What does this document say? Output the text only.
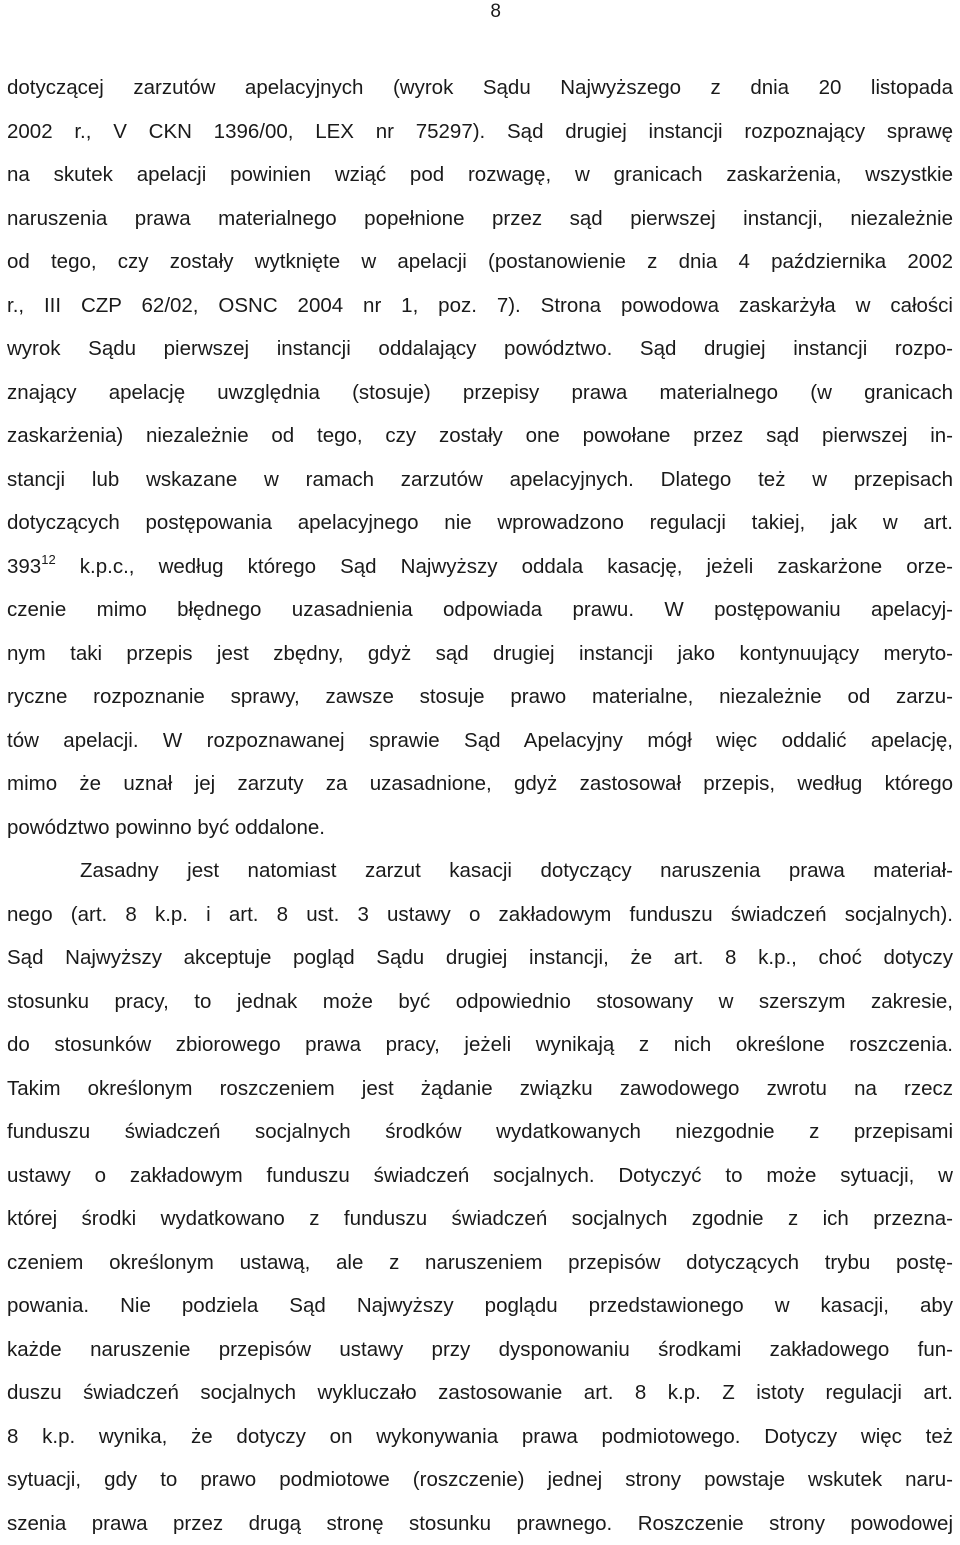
8
dotyczącej zarzutów apelacyjnych (wyrok Sądu Najwyższego z dnia 20 listopada
2002 r., V CKN 1396/00, LEX nr 75297). Sąd drugiej instancji rozpoznający sprawę
na skutek apelacji powinien wziąć pod rozwagę, w granicach zaskarżenia, wszystkie
naruszenia prawa materialnego popełnione przez sąd pierwszej instancji, niezależnie
od tego, czy zostały wytknięte w apelacji (postanowienie z dnia 4 października 2002
r., III CZP 62/02, OSNC 2004 nr 1, poz. 7). Strona powodowa zaskarżyła w całości
wyrok Sądu pierwszej instancji oddalający powództwo. Sąd drugiej instancji rozpo-
znający apelację uwzględnia (stosuje) przepisy prawa materialnego (w granicach
zaskarżenia) niezależnie od tego, czy zostały one powołane przez sąd pierwszej in-
stancji lub wskazane w ramach zarzutów apelacyjnych. Dlatego też w przepisach
dotyczących postępowania apelacyjnego nie wprowadzono regulacji takiej, jak w art.
$393^{12}$ k.p.c., według którego Sąd Najwyższy oddala kasację, jeżeli zaskarżone orze-
czenie mimo błędnego uzasadnienia odpowiada prawu. W postępowaniu apelacyj-
nym taki przepis jest zbędny, gdyż sąd drugiej instancji jako kontynuujący meryto-
ryczne rozpoznanie sprawy, zawsze stosuje prawo materialne, niezależnie od zarzu-
tów apelacji. W rozpoznawanej sprawie Sąd Apelacyjny mógł więc oddalić apelację,
mimo że uznał jej zarzuty za uzasadnione, gdyż zastosował przepis, według którego
powództwo powinno być oddalone.
Zasadny jest natomiast zarzut kasacji dotyczący naruszenia prawa materiał-
nego (art. 8 k.p. i art. 8 ust. 3 ustawy o zakładowym funduszu świadczeń socjalnych).
Sąd Najwyższy akceptuje pogląd Sądu drugiej instancji, że art. 8 k.p., choć dotyczy
stosunku pracy, to jednak może być odpowiednio stosowany w szerszym zakresie,
do stosunków zbiorowego prawa pracy, jeżeli wynikają z nich określone roszczenia.
Takim określonym roszczeniem jest żądanie związku zawodowego zwrotu na rzecz
funduszu świadczeń socjalnych środków wydatkowanych niezgodnie z przepisami
ustawy o zakładowym funduszu świadczeń socjalnych. Dotyczyć to może sytuacji, w
której środki wydatkowano z funduszu świadczeń socjalnych zgodnie z ich przezna-
czeniem określonym ustawą, ale z naruszeniem przepisów dotyczących trybu postę-
powania. Nie podziela Sąd Najwyższy poglądu przedstawionego w kasacji, aby
każde naruszenie przepisów ustawy przy dysponowaniu środkami zakładowego fun-
duszu świadczeń socjalnych wykluczało zastosowanie art. 8 k.p. Z istoty regulacji art.
8 k.p. wynika, że dotyczy on wykonywania prawa podmiotowego. Dotyczy więc też
sytuacji, gdy to prawo podmiotowe (roszczenie) jednej strony powstaje wskutek naru-
szenia prawa przez drugą stronę stosunku prawnego. Roszczenie strony powodowej
